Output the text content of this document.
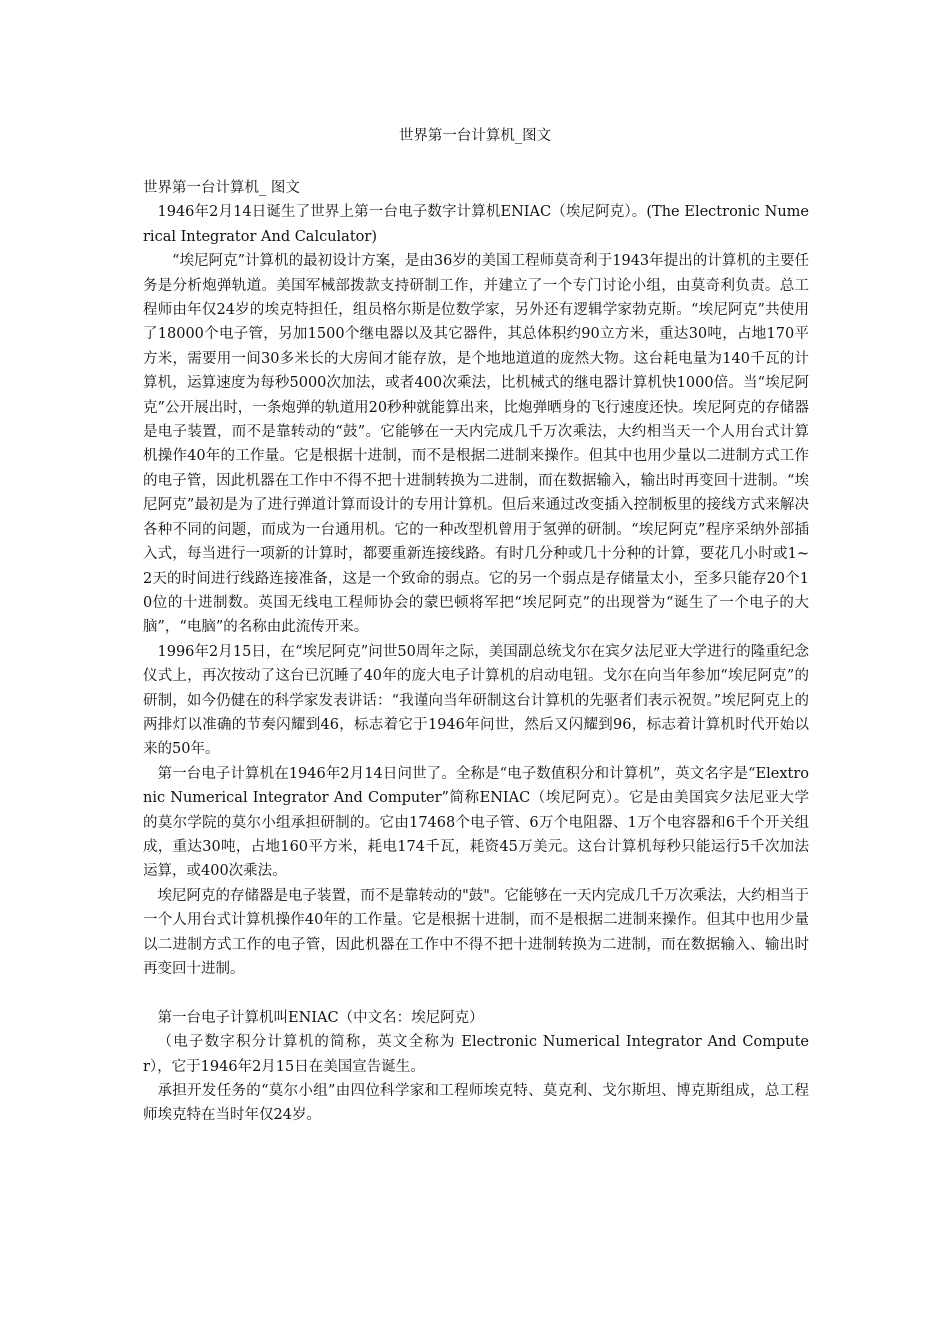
世界第一台计算机_图文

世界第一台计算机_ 图文

1946年2月14日诞生了世界上第一台电子数字计算机ENIAC（埃尼阿克）。(The Electronic Numerical Integrator And Calculator)

“埃尼阿克”计算机的最初设计方案，是由36岁的美国工程师莫奇利于1943年提出的计算机的主要任务是分析炮弹轨道。美国军械部拨款支持研制工作，并建立了一个专门讨论小组，由莫奇利负责。总工程师由年仅24岁的埃克特担任，组员格尔斯是位数学家，另外还有逻辑学家勃克斯。“埃尼阿克”共使用了18000个电子管，另加1500个继电器以及其它器件，其总体积约90立方米，重达30吨，占地170平方米，需要用一间30多米长的大房间才能存放，是个地地道道的庞然大物。这台耗电量为140千瓦的计算机，运算速度为每秒5000次加法，或者400次乘法，比机械式的继电器计算机快1000倍。当“埃尼阿克”公开展出时，一条炮弹的轨道用20秒种就能算出来，比炮弹晒身的飞行速度还快。埃尼阿克的存储器是电子装置，而不是靠转动的“鼓”。它能够在一天内完成几千万次乘法，大约相当天一个人用台式计算机操作40年的工作量。它是根据十进制，而不是根据二进制来操作。但其中也用少量以二进制方式工作的电子管，因此机器在工作中不得不把十进制转换为二进制，而在数据输入，输出时再变回十进制。“埃尼阿克”最初是为了进行弹道计算而设计的专用计算机。但后来通过改变插入控制板里的接线方式来解决各种不同的问题，而成为一台通用机。它的一种改型机曾用于氢弹的研制。“埃尼阿克”程序采纳外部插入式，每当进行一项新的计算时，都要重新连接线路。有时几分种或几十分种的计算，要花几小时或1~2天的时间进行线路连接准备，这是一个致命的弱点。它的另一个弱点是存储量太小，至多只能存20个10位的十进制数。英国无线电工程师协会的蒙巴顿将军把“埃尼阿克”的出现誉为“诞生了一个电子的大脑”，“电脑”的名称由此流传开来。

1996年2月15日，在“埃尼阿克”问世50周年之际，美国副总统戈尔在宾夕法尼亚大学进行的隆重纪念仪式上，再次按动了这台已沉睡了40年的庞大电子计算机的启动电钮。戈尔在向当年参加“埃尼阿克”的研制，如今仍健在的科学家发表讲话：“我谨向当年研制这台计算机的先驱者们表示祝贺。”埃尼阿克上的两排灯以准确的节奏闪耀到46，标志着它于1946年问世，然后又闪耀到96，标志着计算机时代开始以来的50年。

第一台电子计算机在1946年2月14日问世了。全称是“电子数值积分和计算机”，英文名字是“Elextronic Numerical Integrator And Computer”简称ENIAC（埃尼阿克）。它是由美国宾夕法尼亚大学的莫尔学院的莫尔小组承担研制的。它由17468个电子管、6万个电阻器、1万个电容器和6千个开关组成，重达30吨，占地160平方米，耗电174千瓦，耗资45万美元。这台计算机每秒只能运行5千次加法运算，或400次乘法。

埃尼阿克的存储器是电子装置，而不是靠转动的"鼓"。它能够在一天内完成几千万次乘法，大约相当于一个人用台式计算机操作40年的工作量。它是根据十进制，而不是根据二进制来操作。但其中也用少量以二进制方式工作的电子管，因此机器在工作中不得不把十进制转换为二进制，而在数据输入、输出时再变回十进制。

第一台电子计算机叫ENIAC（中文名：埃尼阿克）

（电子数字积分计算机的简称，英文全称为 Electronic Numerical Integrator And Computer），它于1946年2月15日在美国宣告诞生。

承担开发任务的“莫尔小组”由四位科学家和工程师埃克特、莫克利、戈尔斯坦、博克斯组成，总工程师埃克特在当时年仅24岁。
